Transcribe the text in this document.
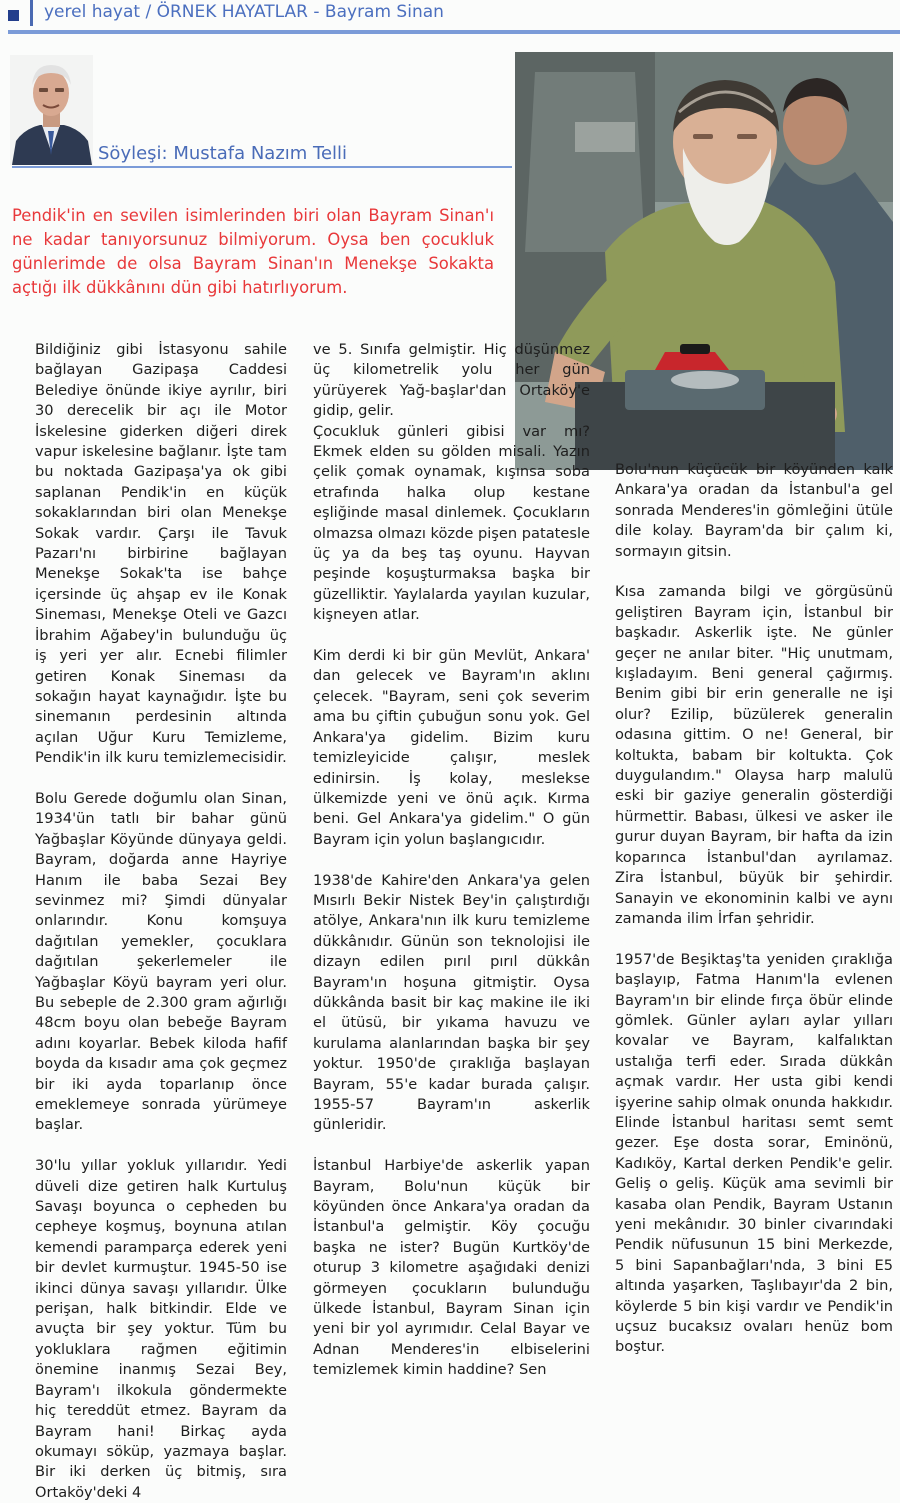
yerel hayat / ÖRNEK HAYATLAR - Bayram Sinan
Söyleşi: Mustafa Nazım Telli
Pendik'in en sevilen isimlerinden biri olan Bayram Sinan'ı ne kadar tanıyorsunuz bilmiyorum. Oysa ben çocukluk günlerimde de olsa Bayram Sinan'ın Menekşe Sokakta açtığı ilk dükkânını dün gibi hatırlıyorum.

Bildiğiniz gibi İstasyonu sahile bağlayan Gazipaşa Caddesi Belediye önünde ikiye ayrılır, biri 30 derecelik bir açı ile Motor İskelesine giderken diğeri direk vapur iskelesine bağlanır. İşte tam bu noktada Gazipaşa'ya ok gibi saplanan Pendik'in en küçük sokaklarından biri olan Menekşe Sokak vardır. Çarşı ile Tavuk Pazarı'nı birbirine bağlayan Menekşe Sokak'ta ise bahçe içersinde üç ahşap ev ile Konak Sineması, Menekşe Oteli ve Gazcı İbrahim Ağabey'in bulunduğu üç iş yeri yer alır. Ecnebi filimler getiren Konak Sineması da sokağın hayat kaynağıdır. İşte bu sinemanın perdesinin altında açılan Uğur Kuru Temizleme, Pendik'in ilk kuru temizlemecisidir.

Bolu Gerede doğumlu olan Sinan, 1934'ün tatlı bir bahar günü Yağbaşlar Köyünde dünyaya geldi. Bayram, doğarda anne Hayriye Hanım ile baba Sezai Bey sevinmez mi? Şimdi dünyalar onlarındır. Konu komşuya dağıtılan yemekler, çocuklara dağıtılan şekerlemeler ile Yağbaşlar Köyü bayram yeri olur. Bu sebeple de 2.300 gram ağırlığı 48cm boyu olan bebeğe Bayram adını koyarlar. Bebek kiloda hafif boyda da kısadır ama çok geçmez bir iki ayda toparlanıp önce emeklemeye sonrada yürümeye başlar.

30'lu yıllar yokluk yıllarıdır. Yedi düveli dize getiren halk Kurtuluş Savaşı boyunca o cepheden bu cepheye koşmuş, boynuna atılan kemendi paramparça ederek yeni bir devlet kurmuştur. 1945-50 ise ikinci dünya savaşı yıllarıdır. Ülke perişan, halk bitkindir. Elde ve avuçta bir şey yoktur. Tüm bu yokluklara rağmen eğitimin önemine inanmış Sezai Bey, Bayram'ı ilkokula göndermekte hiç tereddüt etmez. Bayram da Bayram hani! Birkaç ayda okumayı söküp, yazmaya başlar. Bir iki derken üç bitmiş, sıra Ortaköy'deki 4

ve 5. Sınıfa gelmiştir. Hiç düşünmez üç kilometrelik yolu her gün yürüyerek Yağ-başlar'dan Ortaköy'e gidip, gelir.
Çocukluk günleri gibisi var mı? Ekmek elden su gölden misali. Yazın çelik çomak oynamak, kışınsa soba etrafında halka olup kestane eşliğinde masal dinlemek. Çocukların olmazsa olmazı közde pişen patatesle üç ya da beş taş oyunu. Hayvan peşinde koşuşturmaksa başka bir güzelliktir. Yaylalarda yayılan kuzular, kişneyen atlar.

Kim derdi ki bir gün Mevlüt, Ankara' dan gelecek ve Bayram'ın aklını çelecek. "Bayram, seni çok severim ama bu çiftin çubuğun sonu yok. Gel Ankara'ya gidelim. Bizim kuru temizleyicide çalışır, meslek edinirsin. İş kolay, meslekse ülkemizde yeni ve önü açık. Kırma beni. Gel Ankara'ya gidelim." O gün Bayram için yolun başlangıcıdır.

1938'de Kahire'den Ankara'ya gelen Mısırlı Bekir Nistek Bey'in çalıştırdığı atölye, Ankara'nın ilk kuru temizleme dükkânıdır. Günün son teknolojisi ile dizayn edilen pırıl pırıl dükkân Bayram'ın hoşuna gitmiştir. Oysa dükkânda basit bir kaç makine ile iki el ütüsü, bir yıkama havuzu ve kurulama alanlarından başka bir şey yoktur. 1950'de çıraklığa başlayan Bayram, 55'e kadar burada çalışır. 1955-57 Bayram'ın askerlik günleridir.

İstanbul Harbiye'de askerlik yapan Bayram, Bolu'nun küçük bir köyünden önce Ankara'ya oradan da İstanbul'a gelmiştir. Köy çocuğu başka ne ister? Bugün Kurtköy'de oturup 3 kilometre aşağıdaki denizi görmeyen çocukların bulunduğu ülkede İstanbul, Bayram Sinan için yeni bir yol ayrımıdır. Celal Bayar ve Adnan Menderes'in elbiselerini temizlemek kimin haddine? Sen

Bolu'nun küçücük bir köyünden kalk Ankara'ya oradan da İstanbul'a gel sonrada Menderes'in gömleğini ütüle dile kolay. Bayram'da bir çalım ki, sormayın gitsin.

Kısa zamanda bilgi ve görgüsünü geliştiren Bayram için, İstanbul bir başkadır. Askerlik işte. Ne günler geçer ne anılar biter. "Hiç unutmam, kışladayım. Beni general çağırmış. Benim gibi bir erin generalle ne işi olur? Ezilip, büzülerek generalin odasına gittim. O ne! General, bir koltukta, babam bir koltukta. Çok duygulandım." Olaysa harp malulü eski bir gaziye generalin gösterdiği hürmettir. Babası, ülkesi ve asker ile gurur duyan Bayram, bir hafta da izin koparınca İstanbul'dan ayrılamaz. Zira İstanbul, büyük bir şehirdir. Sanayin ve ekonominin kalbi ve aynı zamanda ilim İrfan şehridir.

1957'de Beşiktaş'ta yeniden çıraklığa başlayıp, Fatma Hanım'la evlenen Bayram'ın bir elinde fırça öbür elinde gömlek. Günler ayları aylar yılları kovalar ve Bayram, kalfalıktan ustalığa terfi eder. Sırada dükkân açmak vardır. Her usta gibi kendi işyerine sahip olmak onunda hakkıdır. Elinde İstanbul haritası semt semt gezer. Eşe dosta sorar, Eminönü, Kadıköy, Kartal derken Pendik'e gelir. Geliş o geliş. Küçük ama sevimli bir kasaba olan Pendik, Bayram Ustanın yeni mekânıdır. 30 binler civarındaki Pendik nüfusunun 15 bini Merkezde, 5 bini Sapanbağları'nda, 3 bini E5 altında yaşarken, Taşlıbayır'da 2 bin, köylerde 5 bin kişi vardır ve Pendik'in uçsuz bucaksız ovaları henüz bom boştur.
